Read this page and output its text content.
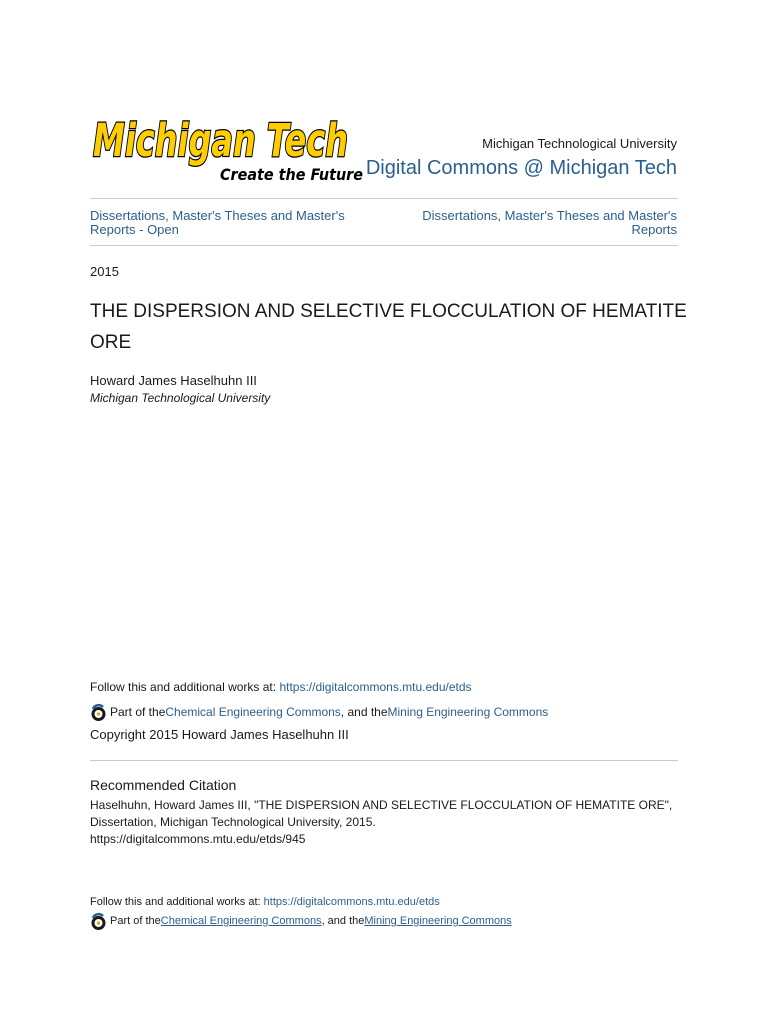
Michigan Tech
Create the Future
Michigan Technological University
Digital Commons @ Michigan Tech
Dissertations, Master's Theses and Master's Reports - Open
Dissertations, Master's Theses and Master's Reports
2015
THE DISPERSION AND SELECTIVE FLOCCULATION OF HEMATITE ORE
Howard James Haselhuhn III
Michigan Technological University
Follow this and additional works at: https://digitalcommons.mtu.edu/etds
Part of the Chemical Engineering Commons , and the Mining Engineering Commons
Copyright 2015 Howard James Haselhuhn III
Recommended Citation
Haselhuhn, Howard James III, "THE DISPERSION AND SELECTIVE FLOCCULATION OF HEMATITE ORE",
Dissertation, Michigan Technological University, 2015.
https://digitalcommons.mtu.edu/etds/945
Follow this and additional works at: https://digitalcommons.mtu.edu/etds
Part of the Chemical Engineering Commons , and the Mining Engineering Commons
